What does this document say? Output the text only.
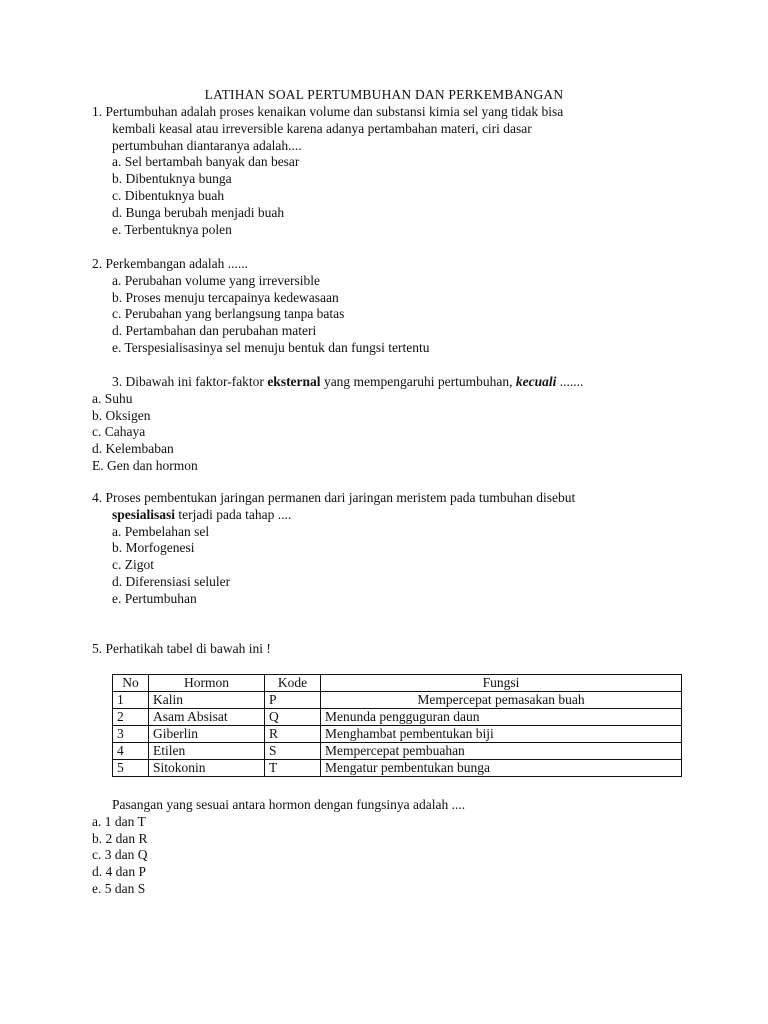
LATIHAN SOAL PERTUMBUHAN DAN PERKEMBANGAN
1. Pertumbuhan adalah proses kenaikan volume dan substansi kimia sel yang tidak bisa
kembali keasal atau irreversible karena adanya pertambahan materi, ciri dasar
pertumbuhan diantaranya adalah....
a. Sel bertambah banyak dan besar
b. Dibentuknya bunga
c. Dibentuknya buah
d. Bunga berubah menjadi buah
e. Terbentuknya polen
2. Perkembangan adalah ......
a. Perubahan volume yang irreversible
b. Proses menuju tercapainya kedewasaan
c. Perubahan yang berlangsung tanpa batas
d. Pertambahan dan perubahan materi
e. Terspesialisasinya sel menuju bentuk dan fungsi tertentu
3. Dibawah ini faktor-faktor eksternal yang mempengaruhi pertumbuhan, kecuali .......
a. Suhu
b. Oksigen
c. Cahaya
d. Kelembaban
E. Gen dan hormon
4. Proses pembentukan jaringan permanen dari jaringan meristem pada tumbuhan disebut
spesialisasi terjadi pada tahap ....
a. Pembelahan sel
b. Morfogenesi
c. Zigot
d. Diferensiasi seluler
e. Pertumbuhan
5. Perhatikah tabel di bawah ini !
No	Hormon	Kode	Fungsi
1	Kalin	P	Mempercepat pemasakan buah
2	Asam Absisat	Q	Menunda pengguguran daun
3	Giberlin	R	Menghambat pembentukan biji
4	Etilen	S	Mempercepat pembuahan
5	Sitokonin	T	Mengatur pembentukan bunga
Pasangan yang sesuai antara hormon dengan fungsinya adalah ....
a. 1 dan T
b. 2 dan R
c. 3 dan Q
d. 4 dan P
e. 5 dan S
